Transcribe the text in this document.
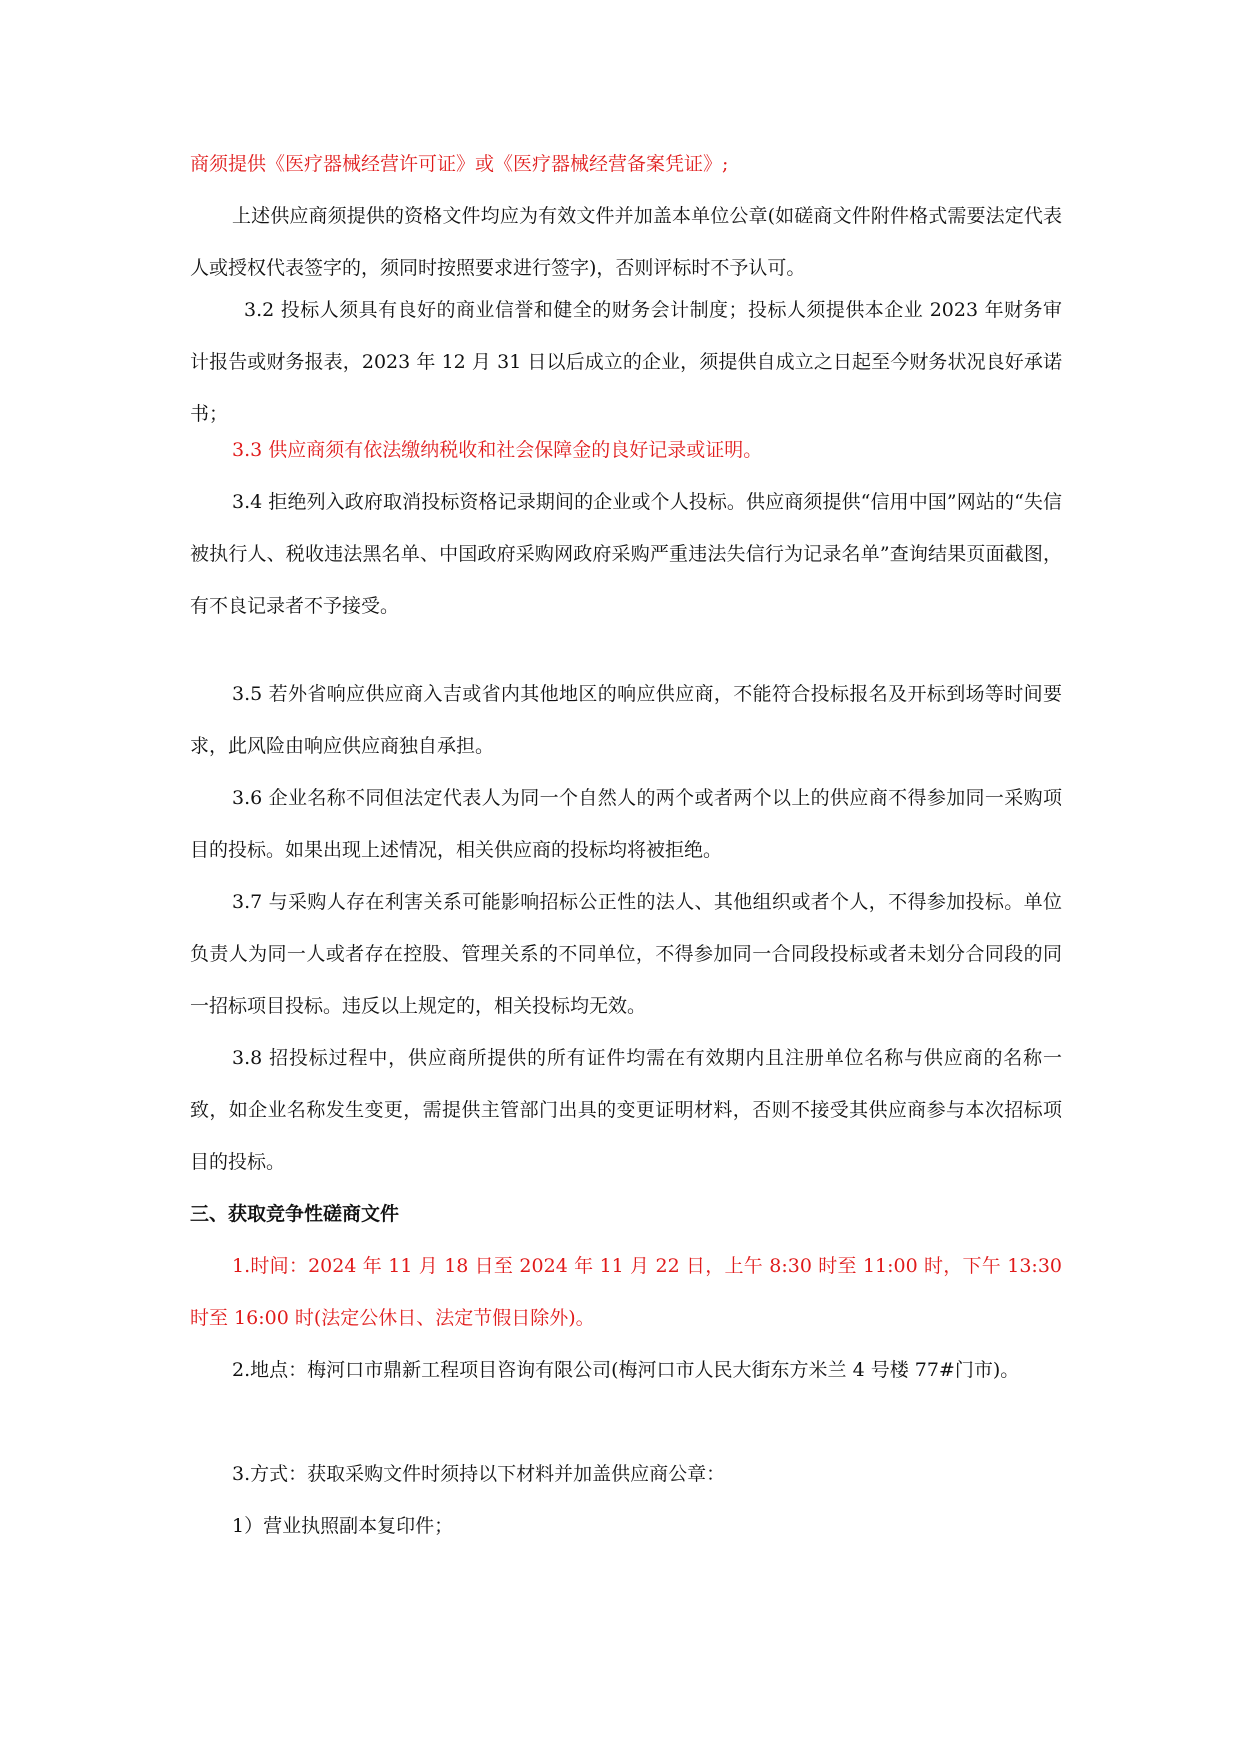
商须提供《医疗器械经营许可证》或《医疗器械经营备案凭证》;

上述供应商须提供的资格文件均应为有效文件并加盖本单位公章(如磋商文件附件格式需要法定代表人或授权代表签字的，须同时按照要求进行签字)，否则评标时不予认可。

3.2 投标人须具有良好的商业信誉和健全的财务会计制度；投标人须提供本企业 2023 年财务审计报告或财务报表，2023 年 12 月 31 日以后成立的企业，须提供自成立之日起至今财务状况良好承诺书；

3.3 供应商须有依法缴纳税收和社会保障金的良好记录或证明。

3.4 拒绝列入政府取消投标资格记录期间的企业或个人投标。供应商须提供“信用中国”网站的“失信被执行人、税收违法黑名单、中国政府采购网政府采购严重违法失信行为记录名单”查询结果页面截图，有不良记录者不予接受。

3.5 若外省响应供应商入吉或省内其他地区的响应供应商，不能符合投标报名及开标到场等时间要求，此风险由响应供应商独自承担。

3.6 企业名称不同但法定代表人为同一个自然人的两个或者两个以上的供应商不得参加同一采购项目的投标。如果出现上述情况，相关供应商的投标均将被拒绝。

3.7 与采购人存在利害关系可能影响招标公正性的法人、其他组织或者个人，不得参加投标。单位负责人为同一人或者存在控股、管理关系的不同单位，不得参加同一合同段投标或者未划分合同段的同一招标项目投标。违反以上规定的，相关投标均无效。

3.8 招投标过程中，供应商所提供的所有证件均需在有效期内且注册单位名称与供应商的名称一致，如企业名称发生变更，需提供主管部门出具的变更证明材料，否则不接受其供应商参与本次招标项目的投标。

三、获取竞争性磋商文件

1.时间：2024 年 11 月 18 日至 2024 年 11 月 22 日，上午 8:30 时至 11:00 时，下午 13:30 时至 16:00 时(法定公休日、法定节假日除外)。

2.地点：梅河口市鼎新工程项目咨询有限公司(梅河口市人民大街东方米兰 4 号楼 77#门市)。

3.方式：获取采购文件时须持以下材料并加盖供应商公章：

1）营业执照副本复印件；
